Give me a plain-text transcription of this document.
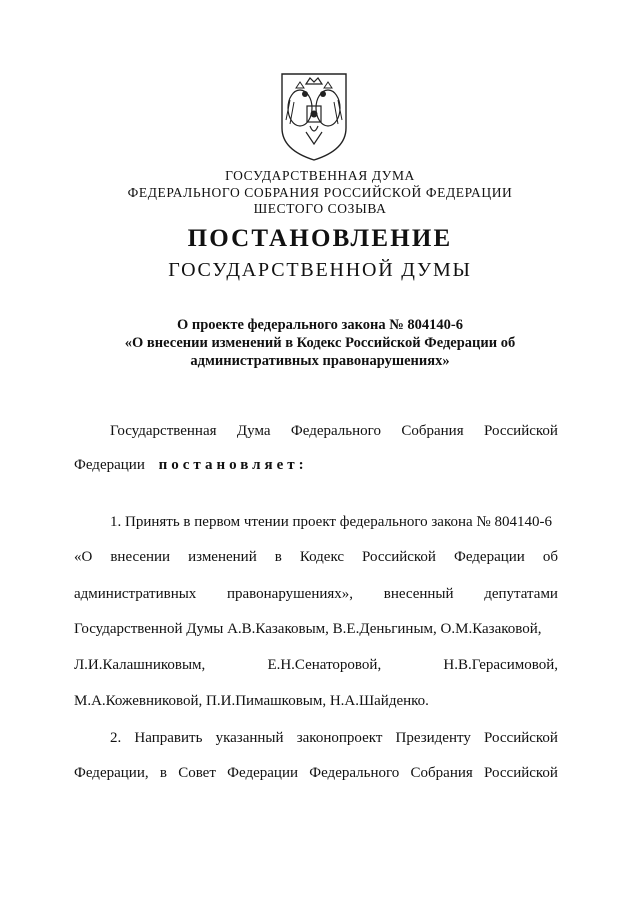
ГОСУДАРСТВЕННАЯ ДУМА
ФЕДЕРАЛЬНОГО СОБРАНИЯ РОССИЙСКОЙ ФЕДЕРАЦИИ
ШЕСТОГО СОЗЫВА
ПОСТАНОВЛЕНИЕ
ГОСУДАРСТВЕННОЙ ДУМЫ
О проекте федерального закона № 804140-6
«О внесении изменений в Кодекс Российской Федерации об
административных правонарушениях»
Государственная Дума Федерального Собрания Российской
Федерации постановляет:
1. Принять в первом чтении проект федерального закона № 804140-6
«О внесении изменений в Кодекс Российской Федерации об
административных правонарушениях», внесенный депутатами
Государственной Думы А.В.Казаковым, В.Е.Деньгиным, О.М.Казаковой,
Л.И.Калашниковым,	Е.Н.Сенаторовой,	Н.В.Герасимовой,
М.А.Кожевниковой, П.И.Пимашковым, Н.А.Шайденко.
2. Направить указанный законопроект Президенту Российской
Федерации, в Совет Федерации Федерального Собрания Российской
